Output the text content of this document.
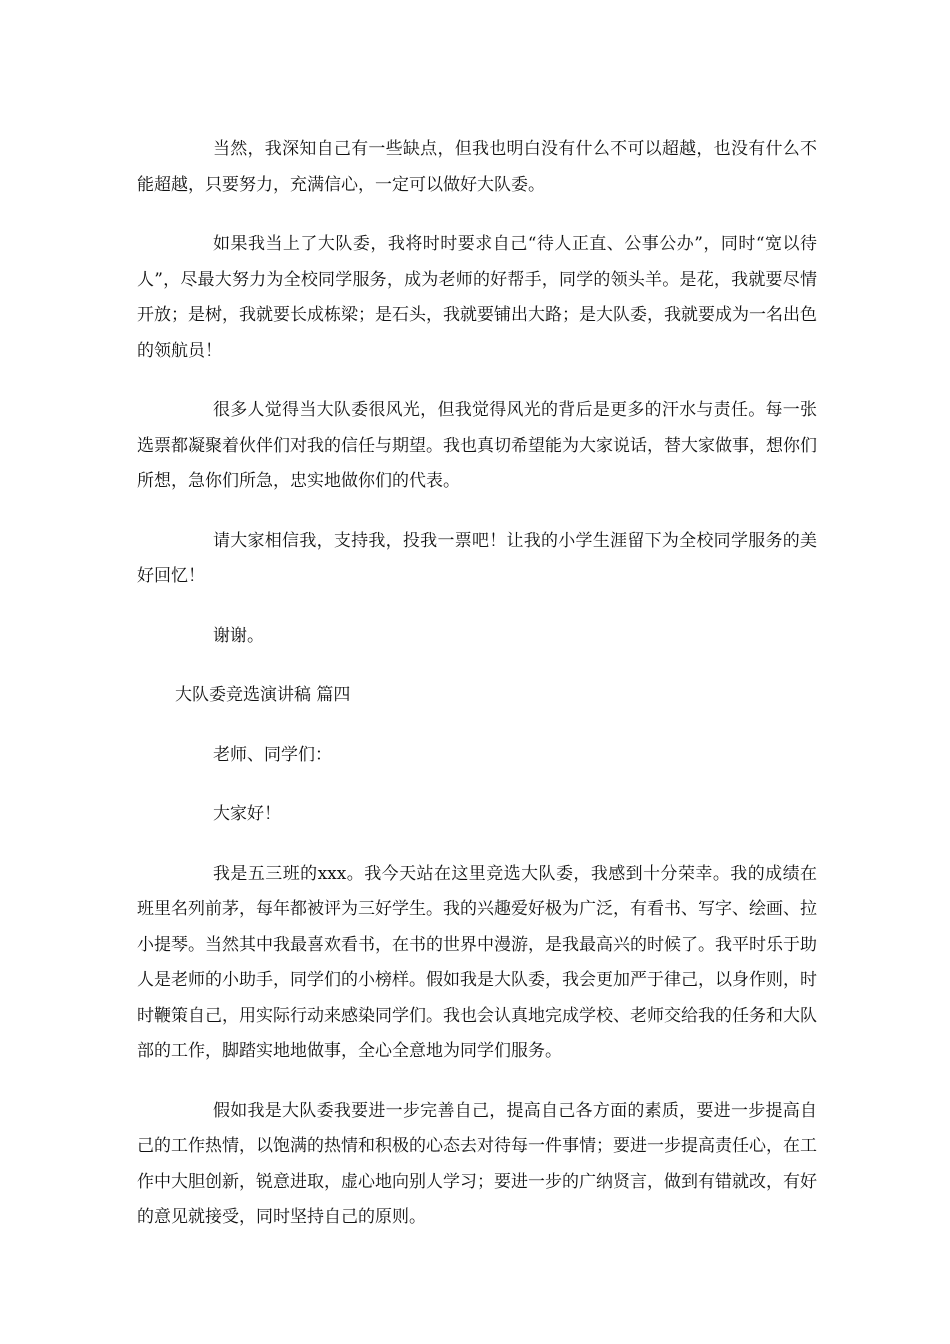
当然，我深知自己有一些缺点，但我也明白没有什么不可以超越，也没有什么不能超越，只要努力，充满信心，一定可以做好大队委。

如果我当上了大队委，我将时时要求自己“待人正直、公事公办”，同时“宽以待人”，尽最大努力为全校同学服务，成为老师的好帮手，同学的领头羊。是花，我就要尽情开放；是树，我就要长成栋梁；是石头，我就要铺出大路；是大队委，我就要成为一名出色的领航员！

很多人觉得当大队委很风光，但我觉得风光的背后是更多的汗水与责任。每一张选票都凝聚着伙伴们对我的信任与期望。我也真切希望能为大家说话，替大家做事，想你们所想，急你们所急，忠实地做你们的代表。

请大家相信我，支持我，投我一票吧！让我的小学生涯留下为全校同学服务的美好回忆！

谢谢。

大队委竞选演讲稿 篇四

老师、同学们：

大家好！

我是五三班的xxx。我今天站在这里竞选大队委，我感到十分荣幸。我的成绩在班里名列前茅，每年都被评为三好学生。我的兴趣爱好极为广泛，有看书、写字、绘画、拉小提琴。当然其中我最喜欢看书，在书的世界中漫游，是我最高兴的时候了。我平时乐于助人是老师的小助手，同学们的小榜样。假如我是大队委，我会更加严于律己，以身作则，时时鞭策自己，用实际行动来感染同学们。我也会认真地完成学校、老师交给我的任务和大队部的工作，脚踏实地地做事，全心全意地为同学们服务。

假如我是大队委我要进一步完善自己，提高自己各方面的素质，要进一步提高自己的工作热情，以饱满的热情和积极的心态去对待每一件事情；要进一步提高责任心，在工作中大胆创新，锐意进取，虚心地向别人学习；要进一步的广纳贤言，做到有错就改，有好的意见就接受，同时坚持自己的原则。
